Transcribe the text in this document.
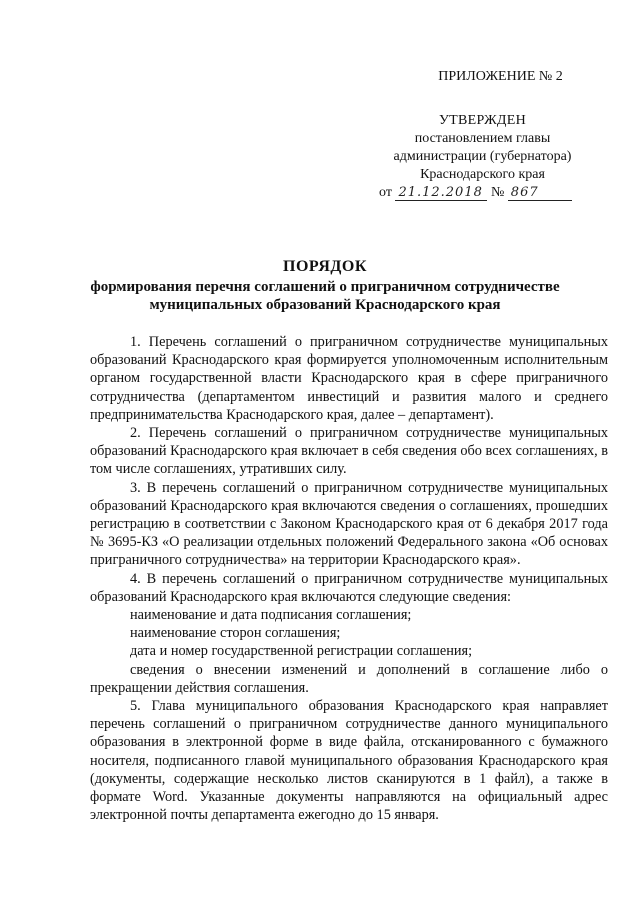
ПРИЛОЖЕНИЕ № 2
УТВЕРЖДЕН
постановлением главы
администрации (губернатора)
Краснодарского края
от 21.12.2018 № 867
ПОРЯДОК
формирования перечня соглашений о приграничном сотрудничестве
муниципальных образований Краснодарского края

1. Перечень соглашений о приграничном сотрудничестве муниципальных образований Краснодарского края формируется уполномоченным исполнительным органом государственной власти Краснодарского края в сфере приграничного сотрудничества (департаментом инвестиций и развития малого и среднего предпринимательства Краснодарского края, далее – департамент).

2. Перечень соглашений о приграничном сотрудничестве муниципальных образований Краснодарского края включает в себя сведения обо всех соглашениях, в том числе соглашениях, утративших силу.

3. В перечень соглашений о приграничном сотрудничестве муниципальных образований Краснодарского края включаются сведения о соглашениях, прошедших регистрацию в соответствии с Законом Краснодарского края от 6 декабря 2017 года № 3695-КЗ «О реализации отдельных положений Федерального закона «Об основах приграничного сотрудничества» на территории Краснодарского края».

4. В перечень соглашений о приграничном сотрудничестве муниципальных образований Краснодарского края включаются следующие сведения:

наименование и дата подписания соглашения;

наименование сторон соглашения;

дата и номер государственной регистрации соглашения;

сведения о внесении изменений и дополнений в соглашение либо о прекращении действия соглашения.

5. Глава муниципального образования Краснодарского края направляет перечень соглашений о приграничном сотрудничестве данного муниципального образования в электронной форме в виде файла, отсканированного с бумажного носителя, подписанного главой муниципального образования Краснодарского края (документы, содержащие несколько листов сканируются в 1 файл), а также в формате Word. Указанные документы направляются на официальный адрес электронной почты департамента ежегодно до 15 января.
